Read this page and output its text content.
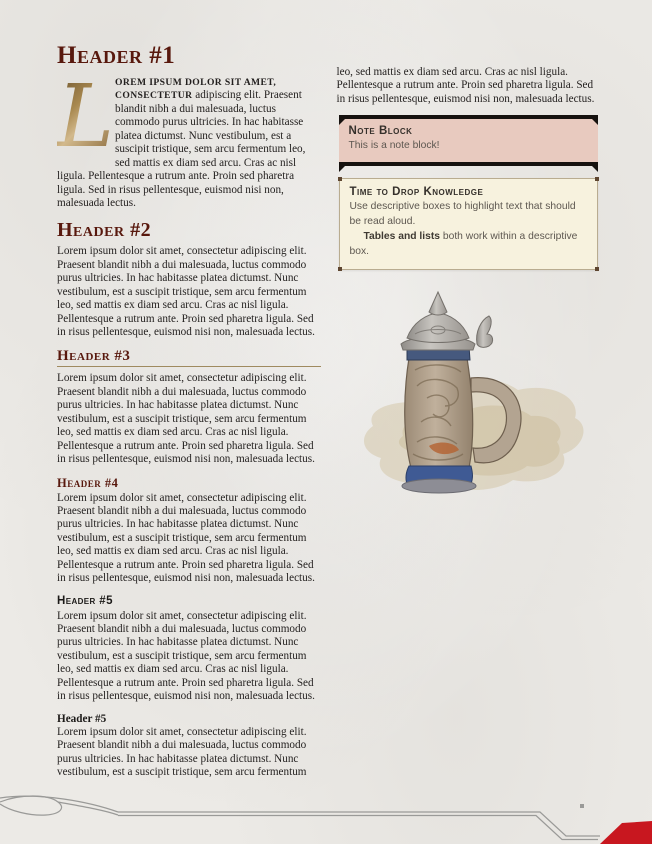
Header #1

L OREM IPSUM DOLOR SIT AMET, CONSECTETUR adipiscing elit. Praesent blandit nibh a dui malesuada, luctus commodo purus ultricies. In hac habitasse platea dictumst. Nunc vestibulum, est a suscipit tristique, sem arcu fermentum leo, sed mattis ex diam sed arcu. Cras ac nisl ligula. Pellentesque a rutrum ante. Proin sed pharetra ligula. Sed in risus pellentesque, euismod nisi non, malesuada lectus.

Header #2

Lorem ipsum dolor sit amet, consectetur adipiscing elit. Praesent blandit nibh a dui malesuada, luctus commodo purus ultricies. In hac habitasse platea dictumst. Nunc vestibulum, est a suscipit tristique, sem arcu fermentum leo, sed mattis ex diam sed arcu. Cras ac nisl ligula. Pellentesque a rutrum ante. Proin sed pharetra ligula. Sed in risus pellentesque, euismod nisi non, malesuada lectus.

Header #3

Lorem ipsum dolor sit amet, consectetur adipiscing elit. Praesent blandit nibh a dui malesuada, luctus commodo purus ultricies. In hac habitasse platea dictumst. Nunc vestibulum, est a suscipit tristique, sem arcu fermentum leo, sed mattis ex diam sed arcu. Cras ac nisl ligula. Pellentesque a rutrum ante. Proin sed pharetra ligula. Sed in risus pellentesque, euismod nisi non, malesuada lectus.

Header #4

Lorem ipsum dolor sit amet, consectetur adipiscing elit. Praesent blandit nibh a dui malesuada, luctus commodo purus ultricies. In hac habitasse platea dictumst. Nunc vestibulum, est a suscipit tristique, sem arcu fermentum leo, sed mattis ex diam sed arcu. Cras ac nisl ligula. Pellentesque a rutrum ante. Proin sed pharetra ligula. Sed in risus pellentesque, euismod nisi non, malesuada lectus.

Header #5

Lorem ipsum dolor sit amet, consectetur adipiscing elit. Praesent blandit nibh a dui malesuada, luctus commodo purus ultricies. In hac habitasse platea dictumst. Nunc vestibulum, est a suscipit tristique, sem arcu fermentum leo, sed mattis ex diam sed arcu. Cras ac nisl ligula. Pellentesque a rutrum ante. Proin sed pharetra ligula. Sed in risus pellentesque, euismod nisi non, malesuada lectus.

Header #5

Lorem ipsum dolor sit amet, consectetur adipiscing elit. Praesent blandit nibh a dui malesuada, luctus commodo purus ultricies. In hac habitasse platea dictumst. Nunc vestibulum, est a suscipit tristique, sem arcu fermentum

leo, sed mattis ex diam sed arcu. Cras ac nisl ligula. Pellentesque a rutrum ante. Proin sed pharetra ligula. Sed in risus pellentesque, euismod nisi non, malesuada lectus.

Note Block
This is a note block!
Time to Drop Knowledge

Use descriptive boxes to highlight text that should be read aloud.

Tables and lists both work within a descriptive box.
